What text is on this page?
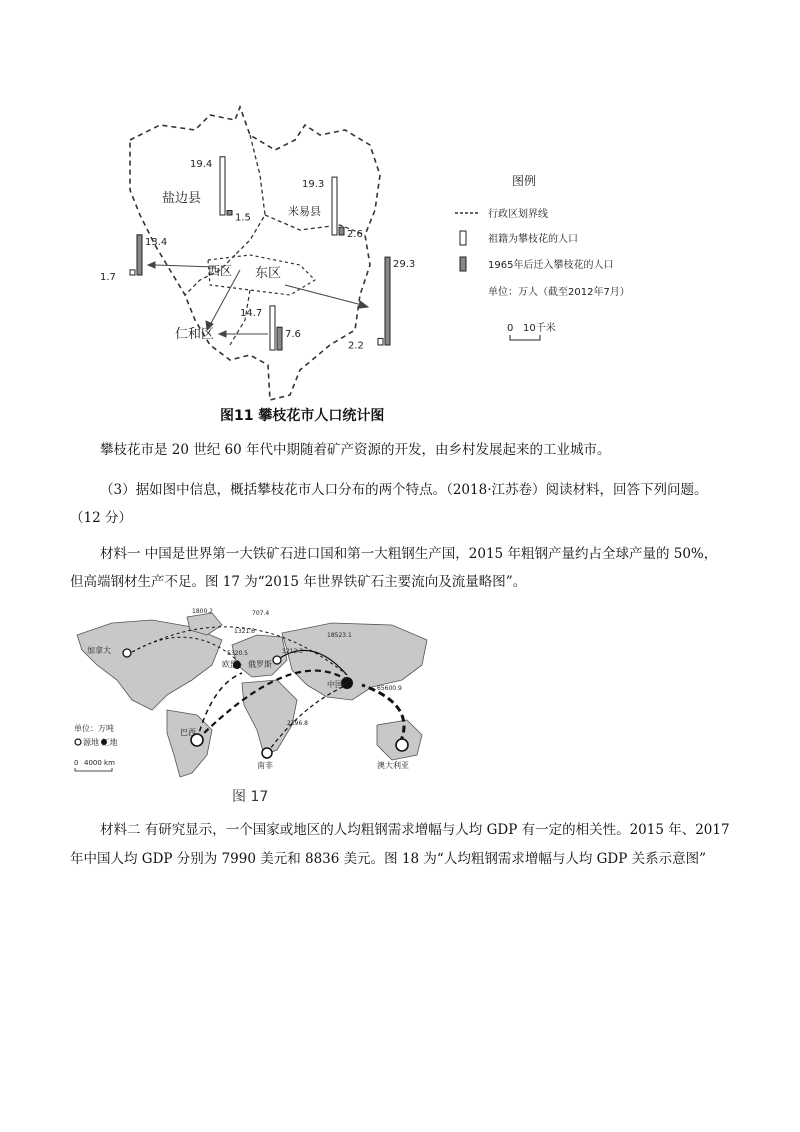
盐边县
米易县
西区 东区
仁和区
19.4
1.5
19.3
2.6
1.7
13.4
2.2
29.3
14.7
7.6
图例
行政区划界线
祖籍为攀枝花的人口
1965年后迁入攀枝花的人口
单位：万人（截至2012年7月）
0 10千米
图11 攀枝花市人口统计图

攀枝花市是 20 世纪 60 年代中期随着矿产资源的开发，由乡村发展起来的工业城市。

（3）据如图中信息，概括攀枝花市人口分布的两个特点。（2018·江苏卷）阅读材料，回答下列问题。

（12 分）

材料一 中国是世界第一大铁矿石进口国和第一大粗钢生产国，2015 年粗钢产量约占全球产量的 50%，

但高端钢材生产不足。图 17 为“2015 年世界铁矿石主要流向及流量略图”。

加拿大
欧盟 俄罗斯
中国
巴西
南非	澳大利亚
1800.2	707.4
1321.6
5320.5	3212.3
18523.1
65600.9
2396.8
单位：万吨
源地 汇地
0 4000 km
图 17

材料二 有研究显示，一个国家或地区的人均粗钢需求增幅与人均 GDP 有一定的相关性。2015 年、2017

年中国人均 GDP 分别为 7990 美元和 8836 美元。图 18 为“人均粗钢需求增幅与人均 GDP 关系示意图”
